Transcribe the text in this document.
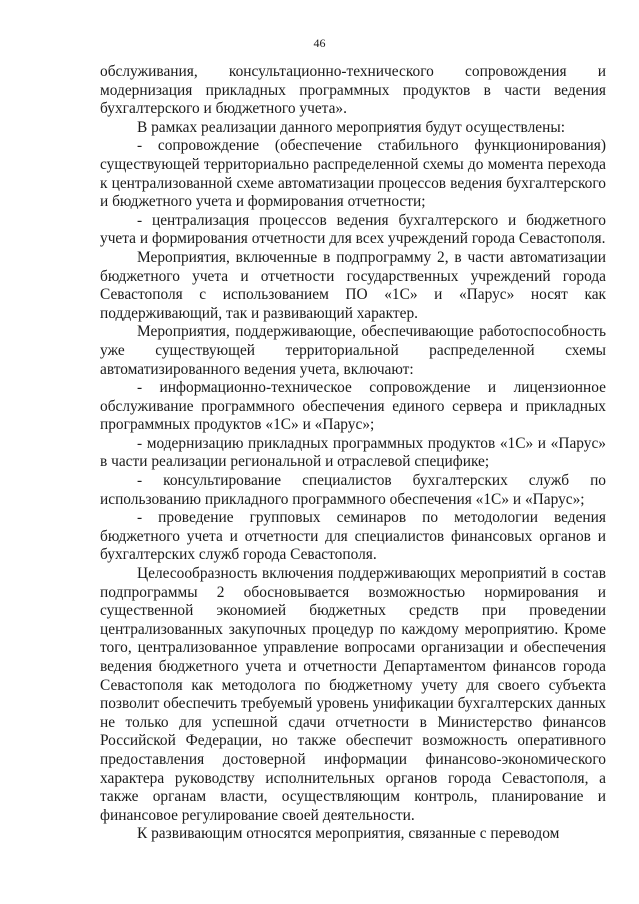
46

обслуживания, консультационно-технического сопровождения и модернизация прикладных программных продуктов в части ведения бухгалтерского и бюджетного учета».

В рамках реализации данного мероприятия будут осуществлены:

- сопровождение (обеспечение стабильного функционирования) существующей территориально распределенной схемы до момента перехода к централизованной схеме автоматизации процессов ведения бухгалтерского и бюджетного учета и формирования отчетности;

- централизация процессов ведения бухгалтерского и бюджетного учета и формирования отчетности для всех учреждений города Севастополя.

Мероприятия, включенные в подпрограмму 2, в части автоматизации бюджетного учета и отчетности государственных учреждений города Севастополя с использованием ПО «1С» и «Парус» носят как поддерживающий, так и развивающий характер.

Мероприятия, поддерживающие, обеспечивающие работоспособность уже существующей территориальной распределенной схемы автоматизированного ведения учета, включают:

- информационно-техническое сопровождение и лицензионное обслуживание программного обеспечения единого сервера и прикладных программных продуктов «1С» и «Парус»;

- модернизацию прикладных программных продуктов «1С» и «Парус» в части реализации региональной и отраслевой специфике;

- консультирование специалистов бухгалтерских служб по использованию прикладного программного обеспечения «1С» и «Парус»;

- проведение групповых семинаров по методологии ведения бюджетного учета и отчетности для специалистов финансовых органов и бухгалтерских служб города Севастополя.

Целесообразность включения поддерживающих мероприятий в состав подпрограммы 2 обосновывается возможностью нормирования и существенной экономией бюджетных средств при проведении централизованных закупочных процедур по каждому мероприятию. Кроме того, централизованное управление вопросами организации и обеспечения ведения бюджетного учета и отчетности Департаментом финансов города Севастополя как методолога по бюджетному учету для своего субъекта позволит обеспечить требуемый уровень унификации бухгалтерских данных не только для успешной сдачи отчетности в Министерство финансов Российской Федерации, но также обеспечит возможность оперативного предоставления достоверной информации финансово-экономического характера руководству исполнительных органов города Севастополя, а также органам власти, осуществляющим контроль, планирование и финансовое регулирование своей деятельности.

К развивающим относятся мероприятия, связанные с переводом
